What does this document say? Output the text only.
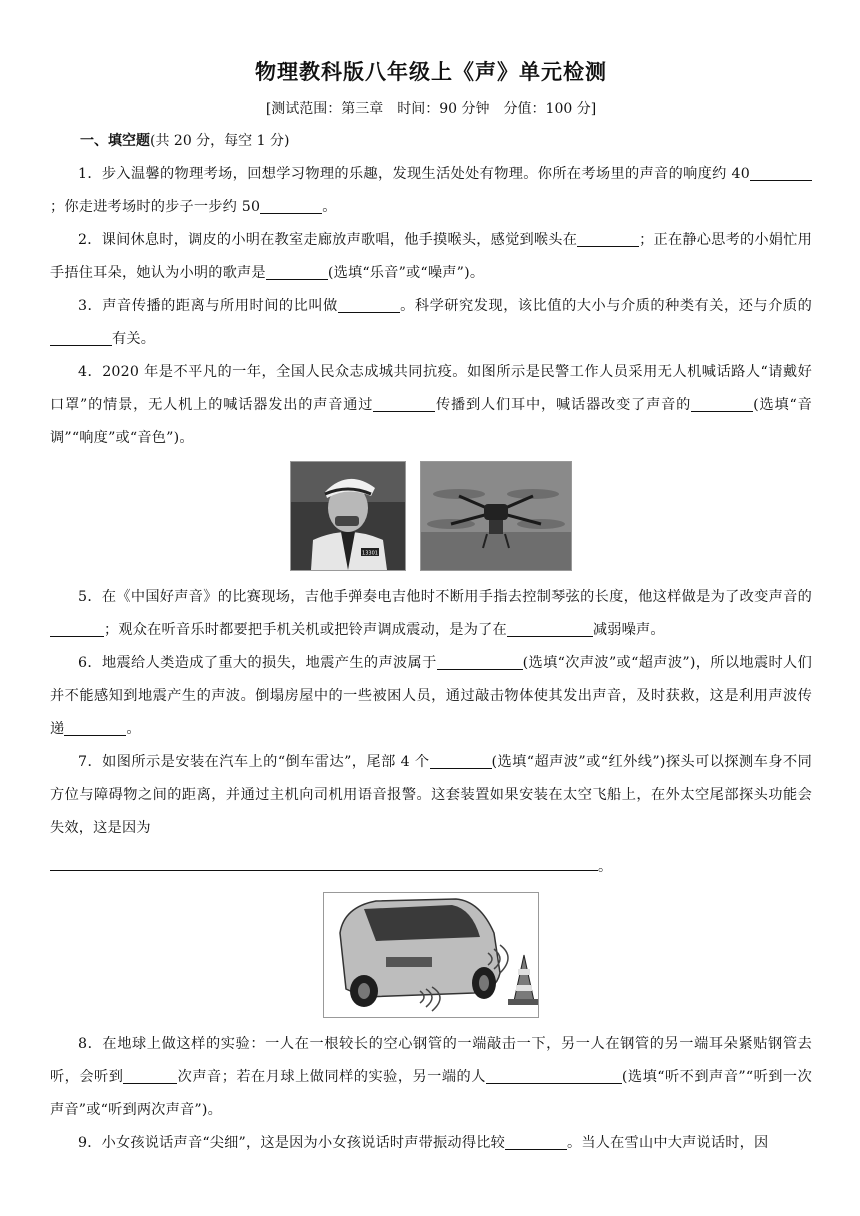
物理教科版八年级上《声》单元检测
[测试范围：第三章　时间：90 分钟　分值：100 分]
一、填空题(共 20 分，每空 1 分)

1．步入温馨的物理考场，回想学习物理的乐趣，发现生活处处有物理。你所在考场里的声音的响度约 40；你走进考场时的步子一步约 50	。

2．课间休息时，调皮的小明在教室走廊放声歌唱，他手摸喉头，感觉到喉头在	；正在静心思考的小娟忙用手捂住耳朵，她认为小明的歌声是	(选填“乐音”或“噪声”)。

3．声音传播的距离与所用时间的比叫做	。科学研究发现，该比值的大小与介质的种类有关，还与介质的有关。

4．2020 年是不平凡的一年，全国人民众志成城共同抗疫。如图所示是民警工作人员采用无人机喊话路人“请戴好口罩”的情景，无人机上的喊话器发出的声音通过	传播到人们耳中，喊话器改变了声音的	(选填“音调”“响度”或“音色”)。

13301

5．在《中国好声音》的比赛现场，吉他手弹奏电吉他时不断用手指去控制琴弦的长度，他这样做是为了改变声音的；观众在听音乐时都要把手机关机或把铃声调成震动，是为了在	减弱噪声。

6．地震给人类造成了重大的损失，地震产生的声波属于	(选填“次声波”或“超声波”)，所以地震时人们并不能感知到地震产生的声波。倒塌房屋中的一些被困人员，通过敲击物体使其发出声音，及时获救，这是利用声波传递	。

7．如图所示是安装在汽车上的“倒车雷达”，尾部 4 个	(选填“超声波”或“红外线”)探头可以探测车身不同方位与障碍物之间的距离，并通过主机向司机用语音报警。这套装置如果安装在太空飞船上，在外太空尾部探头功能会失效，这是因为

。

8．在地球上做这样的实验：一人在一根较长的空心钢管的一端敲击一下，另一人在钢管的另一端耳朵紧贴钢管去听，会听到	次声音；若在月球上做同样的实验，另一端的人	(选填“听不到声音”“听到一次声音”或“听到两次声音”)。

9．小女孩说话声音“尖细”，这是因为小女孩说话时声带振动得比较	。当人在雪山中大声说话时，因
